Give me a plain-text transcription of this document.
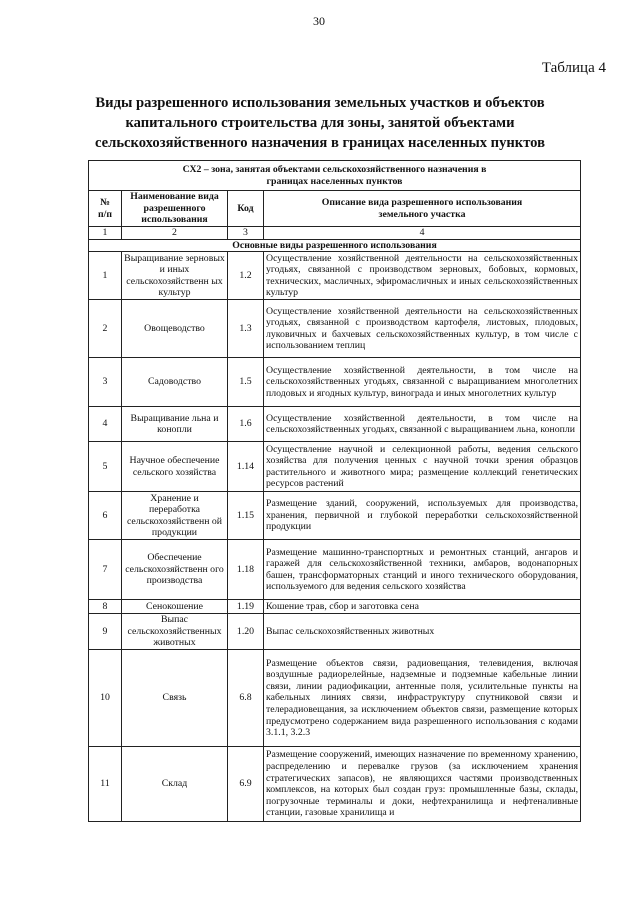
30
Таблица 4
Виды разрешенного использования земельных участков и объектов
капитального строительства для зоны, занятой объектами
сельскохозяйственного назначения в границах населенных пунктов
СХ2 – зона, занятая объектами сельскохозяйственного назначения в границах населенных пунктов			
№ п/п	Наименование вида разрешенного использования	Код	Описание вида разрешенного использования земельного участка
1	2	3	4
Основные виды разрешенного использования			
1	Выращивание зерновых и иных сельскохозяйственн ых культур	1.2	Осуществление хозяйственной деятельности на сельскохозяйственных угодьях, связанной с производством зерновых, бобовых, кормовых, технических, масличных, эфиромасличных и иных сельскохозяйственных культур
2	Овощеводство	1.3	Осуществление хозяйственной деятельности на сельскохозяйственных угодьях, связанной с производством картофеля, листовых, плодовых, луковичных и бахчевых сельскохозяйственных культур, в том числе с использованием теплиц
3	Садоводство	1.5	Осуществление хозяйственной деятельности, в том числе на сельскохозяйственных угодьях, связанной с выращиванием многолетних плодовых и ягодных культур, винограда и иных многолетних культур
4	Выращивание льна и конопли	1.6	Осуществление хозяйственной деятельности, в том числе на сельскохозяйственных угодьях, связанной с выращиванием льна, конопли
5	Научное обеспечение сельского хозяйства	1.14	Осуществление научной и селекционной работы, ведения сельского хозяйства для получения ценных с научной точки зрения образцов растительного и животного мира; размещение коллекций генетических ресурсов растений
6	Хранение и переработка сельскохозяйственн ой продукции	1.15	Размещение зданий, сооружений, используемых для производства, хранения, первичной и глубокой переработки сельскохозяйственной продукции
7	Обеспечение сельскохозяйственн ого производства	1.18	Размещение машинно-транспортных и ремонтных станций, ангаров и гаражей для сельскохозяйственной техники, амбаров, водонапорных башен, трансформаторных станций и иного технического оборудования, используемого для ведения сельского хозяйства
8	Сенокошение	1.19	Кошение трав, сбор и заготовка сена
9	Выпас сельскохозяйственных животных	1.20	Выпас сельскохозяйственных животных
10	Связь	6.8	Размещение объектов связи, радиовещания, телевидения, включая воздушные радиорелейные, надземные и подземные кабельные линии связи, линии радиофикации, антенные поля, усилительные пункты на кабельных линиях связи, инфраструктуру спутниковой связи и телерадиовещания, за исключением объектов связи, размещение которых предусмотрено содержанием вида разрешенного использования с кодами 3.1.1, 3.2.3
11	Склад	6.9	Размещение сооружений, имеющих назначение по временному хранению, распределению и перевалке грузов (за исключением хранения стратегических запасов), не являющихся частями производственных комплексов, на которых был создан груз: промышленные базы, склады, погрузочные терминалы и доки, нефтехранилища и нефтеналивные станции, газовые хранилища и
